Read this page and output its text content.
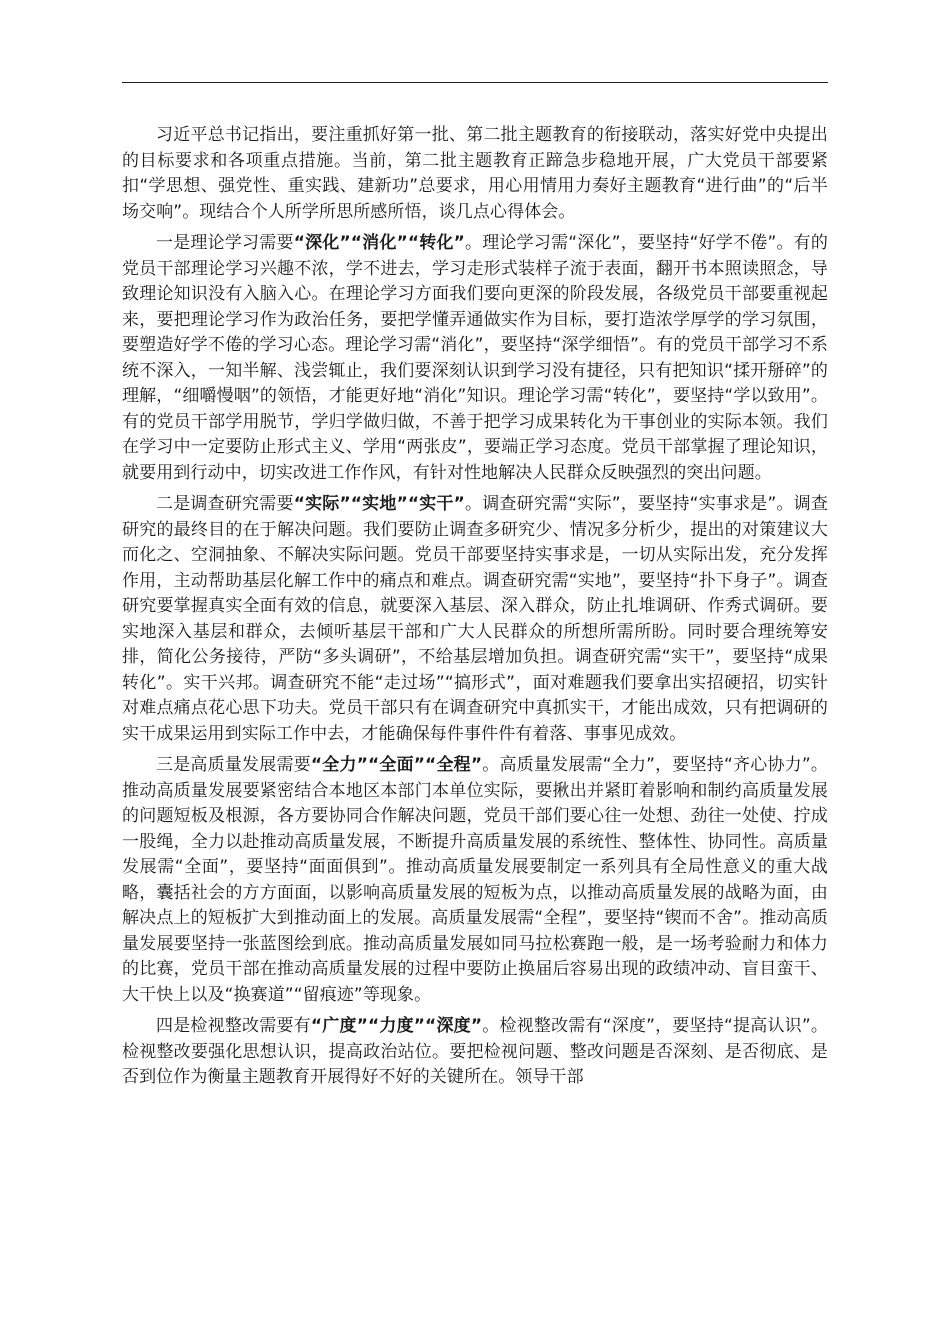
习近平总书记指出，要注重抓好第一批、第二批主题教育的衔接联动，落实好党中央提出的目标要求和各项重点措施。当前，第二批主题教育正蹄急步稳地开展，广大党员干部要紧扣“学思想、强党性、重实践、建新功”总要求，用心用情用力奏好主题教育“进行曲”的“后半场交响”。现结合个人所学所思所感所悟，谈几点心得体会。

一是理论学习需要“深化”“消化”“转化”。理论学习需“深化”，要坚持“好学不倦”。有的党员干部理论学习兴趣不浓，学不进去，学习走形式装样子流于表面，翻开书本照读照念，导致理论知识没有入脑入心。在理论学习方面我们要向更深的阶段发展，各级党员干部要重视起来，要把理论学习作为政治任务，要把学懂弄通做实作为目标，要打造浓学厚学的学习氛围，要塑造好学不倦的学习心态。理论学习需“消化”，要坚持“深学细悟”。有的党员干部学习不系统不深入，一知半解、浅尝辄止，我们要深刻认识到学习没有捷径，只有把知识“揉开掰碎”的理解，“细嚼慢咽”的领悟，才能更好地“消化”知识。理论学习需“转化”，要坚持“学以致用”。有的党员干部学用脱节，学归学做归做，不善于把学习成果转化为干事创业的实际本领。我们在学习中一定要防止形式主义、学用“两张皮”，要端正学习态度。党员干部掌握了理论知识，就要用到行动中，切实改进工作作风，有针对性地解决人民群众反映强烈的突出问题。

二是调查研究需要“实际”“实地”“实干”。调查研究需“实际”，要坚持“实事求是”。调查研究的最终目的在于解决问题。我们要防止调查多研究少、情况多分析少，提出的对策建议大而化之、空洞抽象、不解决实际问题。党员干部要坚持实事求是，一切从实际出发，充分发挥作用，主动帮助基层化解工作中的痛点和难点。调查研究需“实地”，要坚持“扑下身子”。调查研究要掌握真实全面有效的信息，就要深入基层、深入群众，防止扎堆调研、作秀式调研。要实地深入基层和群众，去倾听基层干部和广大人民群众的所想所需所盼。同时要合理统筹安排，简化公务接待，严防“多头调研”，不给基层增加负担。调查研究需“实干”，要坚持“成果转化”。实干兴邦。调查研究不能“走过场”“搞形式”，面对难题我们要拿出实招硬招，切实针对难点痛点花心思下功夫。党员干部只有在调查研究中真抓实干，才能出成效，只有把调研的实干成果运用到实际工作中去，才能确保每件事件件有着落、事事见成效。

三是高质量发展需要“全力”“全面”“全程”。高质量发展需“全力”，要坚持“齐心协力”。推动高质量发展要紧密结合本地区本部门本单位实际，要揪出并紧盯着影响和制约高质量发展的问题短板及根源，各方要协同合作解决问题，党员干部们要心往一处想、劲往一处使、拧成一股绳，全力以赴推动高质量发展，不断提升高质量发展的系统性、整体性、协同性。高质量发展需“全面”，要坚持“面面俱到”。推动高质量发展要制定一系列具有全局性意义的重大战略，囊括社会的方方面面，以影响高质量发展的短板为点，以推动高质量发展的战略为面，由解决点上的短板扩大到推动面上的发展。高质量发展需“全程”，要坚持“锲而不舍”。推动高质量发展要坚持一张蓝图绘到底。推动高质量发展如同马拉松赛跑一般，是一场考验耐力和体力的比赛，党员干部在推动高质量发展的过程中要防止换届后容易出现的政绩冲动、盲目蛮干、大干快上以及“换赛道”“留痕迹”等现象。

四是检视整改需要有“广度”“力度”“深度”。检视整改需有“深度”，要坚持“提高认识”。检视整改要强化思想认识，提高政治站位。要把检视问题、整改问题是否深刻、是否彻底、是否到位作为衡量主题教育开展得好不好的关键所在。领导干部
